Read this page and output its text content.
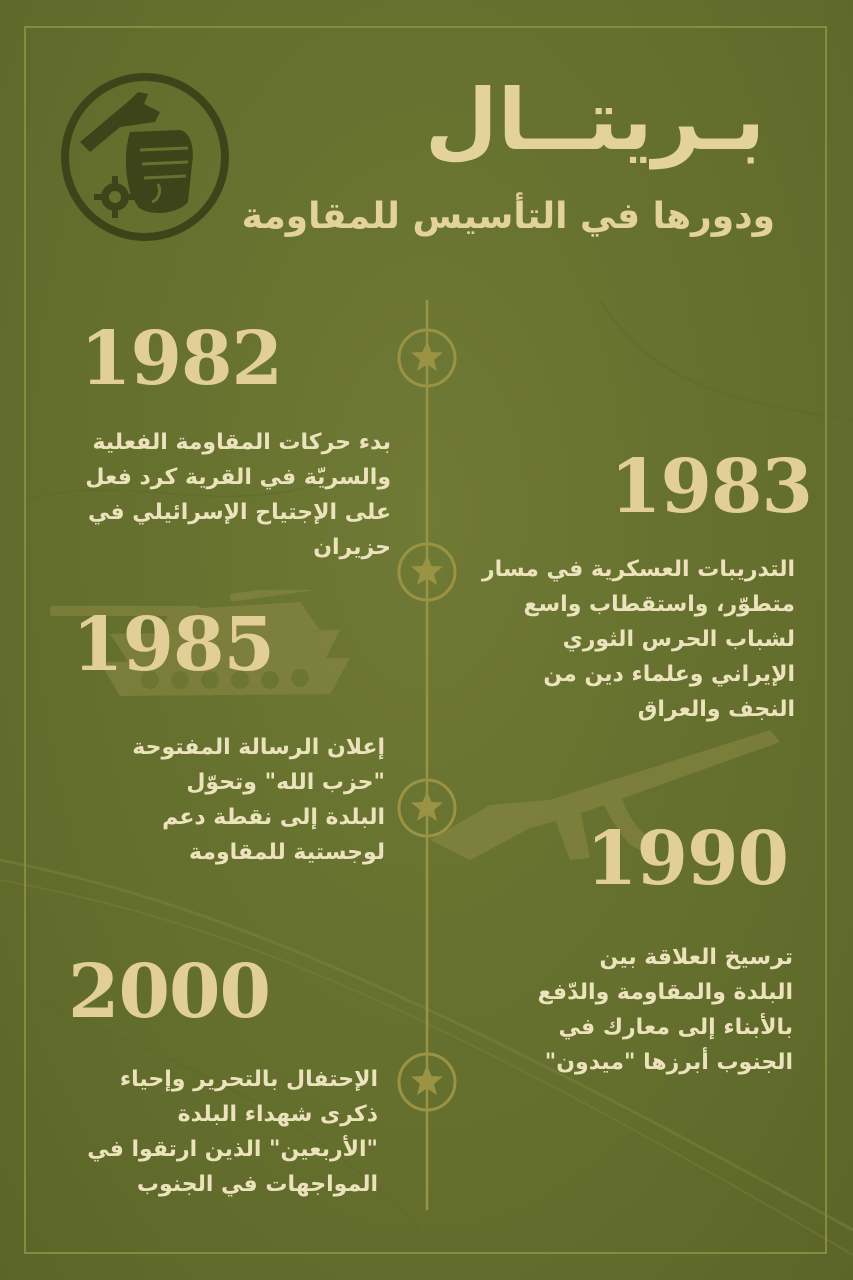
بـريتــال
ودورها في التأسيس للمقاومة
1982
بدء حركات المقاومة الفعلية
والسريّة في القرية كرد فعل
على الإجتياح الإسرائيلي في
حزيران
1983
التدريبات العسكرية في مسار
متطوّر، واستقطاب واسع
لشباب الحرس الثوري
الإيراني وعلماء دين من
النجف والعراق
1985
إعلان الرسالة المفتوحة
"حزب الله" وتحوّل
البلدة إلى نقطة دعم
لوجستية للمقاومة	1990
ترسيخ العلاقة بين
البلدة والمقاومة والدّفع
بالأبناء إلى معارك في
الجنوب أبرزها "ميدون"
2000
الإحتفال بالتحرير وإحياء
ذكرى شهداء البلدة
"الأربعين" الذين ارتقوا في
المواجهات في الجنوب
